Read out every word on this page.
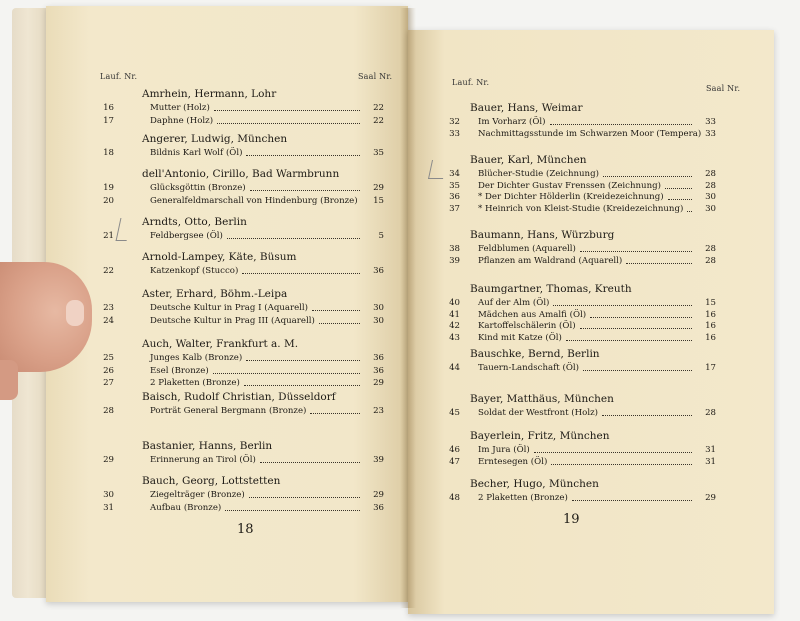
Lauf. Nr.	Saal Nr.
Lauf. Nr.
Saal Nr.
18
19
Amrhein, Hermann, Lohr
16	Mutter (Holz)	22
17	Daphne (Holz)	22
Angerer, Ludwig, München
18	Bildnis Karl Wolf (Öl)	35
dell'Antonio, Cirillo, Bad Warmbrunn
19	Glücksgöttin (Bronze)	29
20	Generalfeldmarschall von Hindenburg (Bronze)	15
Arndts, Otto, Berlin
21	Feldbergsee (Öl)	5
Arnold-Lampey, Käte, Büsum
22	Katzenkopf (Stucco)	36
Aster, Erhard, Böhm.-Leipa
23	Deutsche Kultur in Prag I (Aquarell)	30
24	Deutsche Kultur in Prag III (Aquarell)	30
Auch, Walter, Frankfurt a. M.
25	Junges Kalb (Bronze)	36
26	Esel (Bronze)	36
27	2 Plaketten (Bronze)	29
Baisch, Rudolf Christian, Düsseldorf
28	Porträt General Bergmann (Bronze)	23
Bastanier, Hanns, Berlin
29	Erinnerung an Tirol (Öl)	39
Bauch, Georg, Lottstetten
30	Ziegelträger (Bronze)	29
31	Aufbau (Bronze)	36
Bauer, Hans, Weimar
32 Im Vorharz (Öl)	33
33 Nachmittagsstunde im Schwarzen Moor (Tempera) 33
Bauer, Karl, München
34 Blücher-Studie (Zeichnung)	28
35 Der Dichter Gustav Frenssen (Zeichnung)	28
36 * Der Dichter Hölderlin (Kreidezeichnung)	30
37 * Heinrich von Kleist-Studie (Kreidezeichnung)	30
Baumann, Hans, Würzburg
38 Feldblumen (Aquarell)	28
39 Pflanzen am Waldrand (Aquarell)	28
Baumgartner, Thomas, Kreuth
40 Auf der Alm (Öl)	15
41 Mädchen aus Amalfi (Öl)	16
42 Kartoffelschälerin (Öl)	16
43 Kind mit Katze (Öl)	16
Bauschke, Bernd, Berlin
44 Tauern-Landschaft (Öl)	17
Bayer, Matthäus, München
45 Soldat der Westfront (Holz)	28
Bayerlein, Fritz, München
46 Im Jura (Öl)	31
47 Erntesegen (Öl)	31
Becher, Hugo, München
48 2 Plaketten (Bronze)	29
